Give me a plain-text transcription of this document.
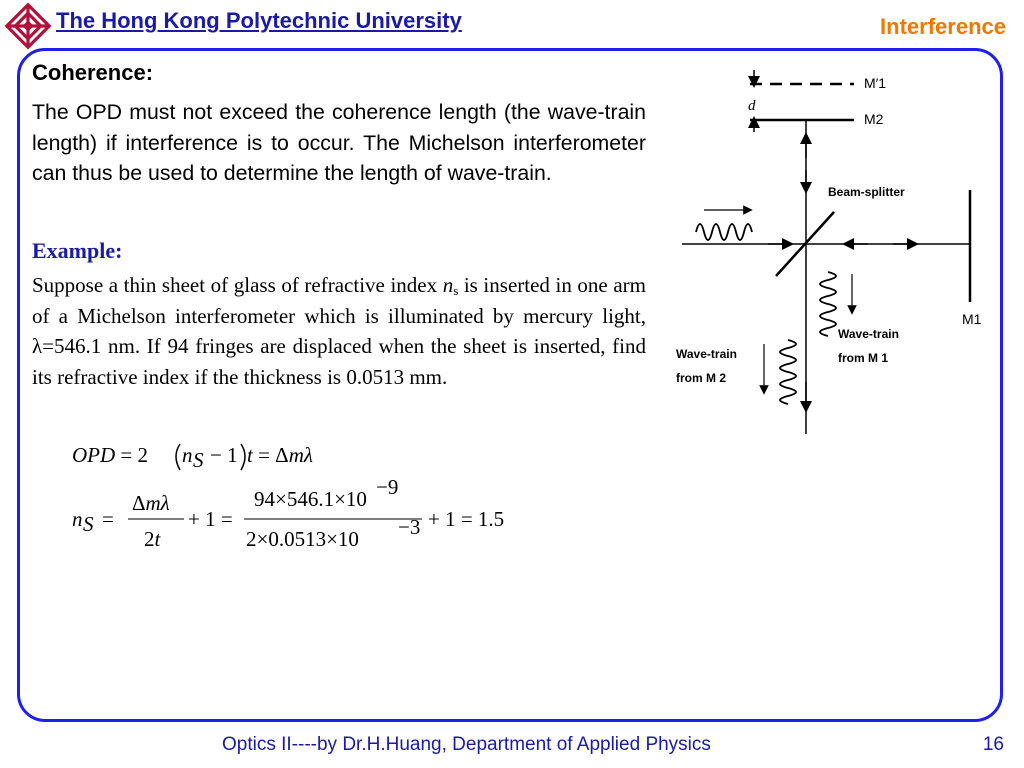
The Hong Kong Polytechnic University	Interference
Coherence:

The OPD must not exceed the coherence length (the wave-train length) if interference is to occur. The Michelson interferometer can thus be used to determine the length of wave-train.

Example:

Suppose a thin sheet of glass of refractive index $n_s$ is inserted in one arm of a Michelson interferometer which is illuminated by mercury light, λ=546.1 nm. If 94 fringes are displaced when the sheet is inserted, find its refractive index if the thickness is 0.0513 mm.

OPD = 2 n S − 1 t = Δmλ
n S =
Δmλ
2t
+ 1 =
94×546.1×10 −9
2×0.0513×10 −3 + 1 = 1.5
d
M′1
M2
M1
Beam-splitter
Wave-train
from M 1
Wave-train
from M 2
Optics II----by Dr.H.Huang, Department of Applied Physics	16
